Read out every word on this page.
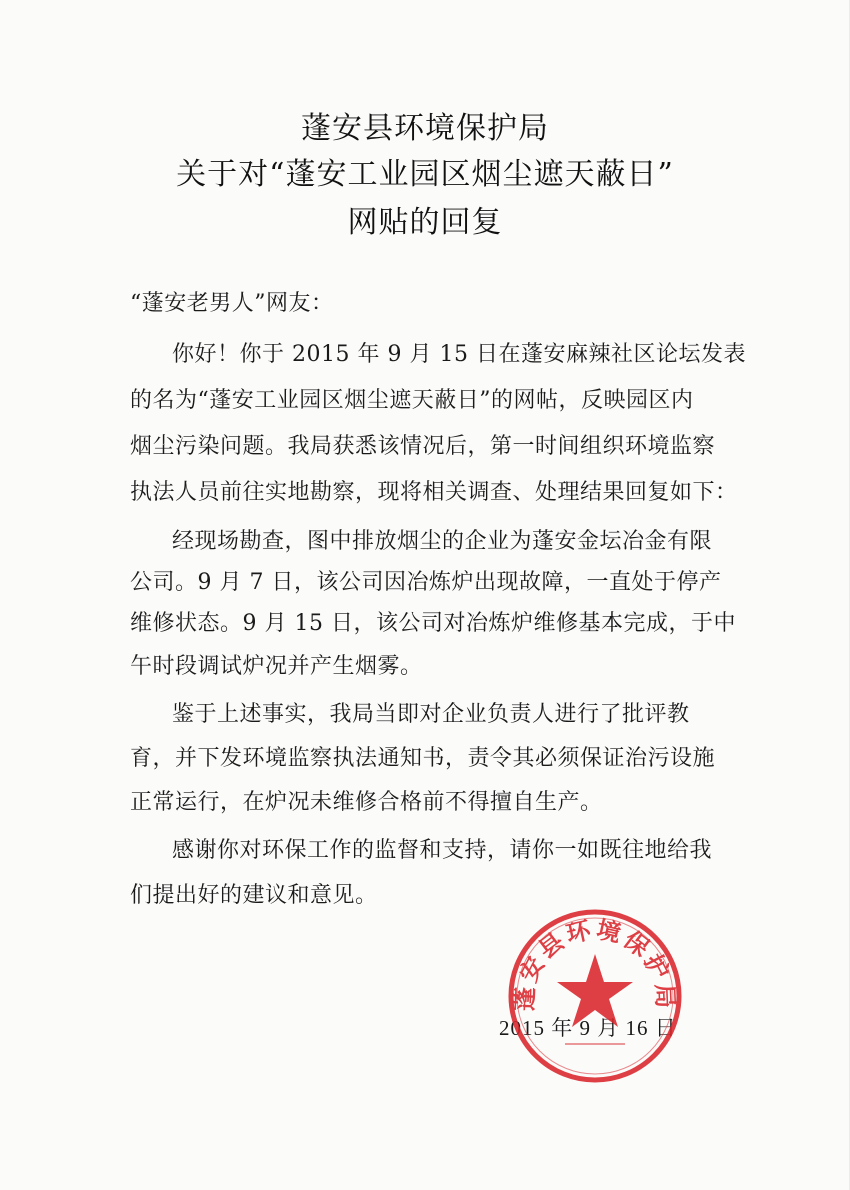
蓬安县环境保护局
关于对“蓬安工业园区烟尘遮天蔽日”
网贴的回复
“蓬安老男人”网友：
你好！你于 2015 年 9 月 15 日在蓬安麻辣社区论坛发表
的名为“蓬安工业园区烟尘遮天蔽日”的网帖，反映园区内
烟尘污染问题。我局获悉该情况后，第一时间组织环境监察
执法人员前往实地勘察，现将相关调查、处理结果回复如下：
经现场勘查，图中排放烟尘的企业为蓬安金坛冶金有限
公司。9 月 7 日，该公司因冶炼炉出现故障，一直处于停产
维修状态。9 月 15 日，该公司对冶炼炉维修基本完成，于中
午时段调试炉况并产生烟雾。
鉴于上述事实，我局当即对企业负责人进行了批评教
育，并下发环境监察执法通知书，责令其必须保证治污设施
正常运行，在炉况未维修合格前不得擅自生产。
感谢你对环保工作的监督和支持，请你一如既往地给我
们提出好的建议和意见。
2015 年 9 月 16 日
蓬安县环境保护局
